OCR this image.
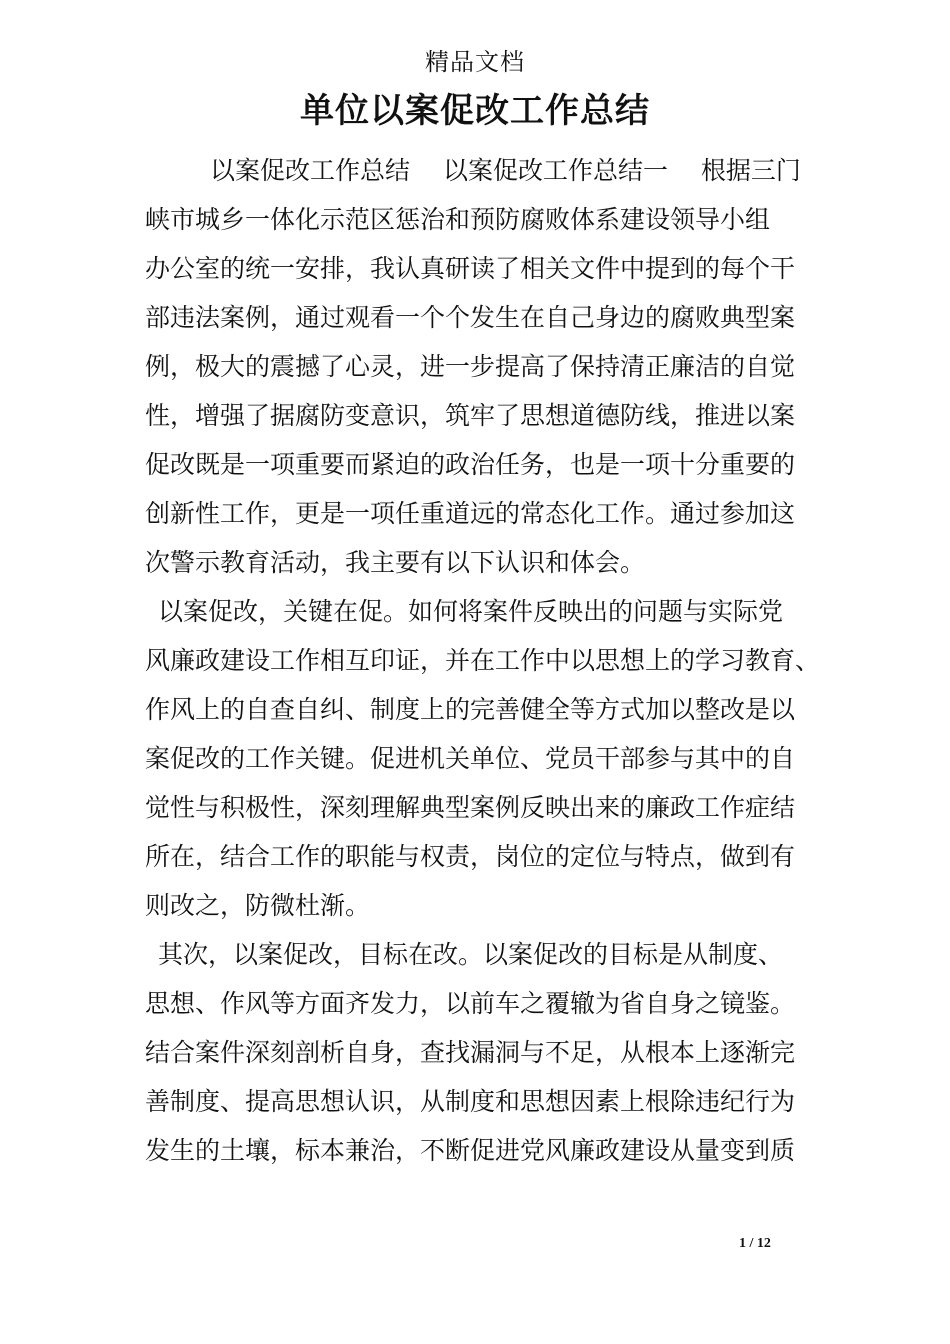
精品文档
单位以案促改工作总结
以案促改工作总结　 以案促改工作总结一　 根据三门
峡市城乡一体化示范区惩治和预防腐败体系建设领导小组
办公室的统一安排，我认真研读了相关文件中提到的每个干
部违法案例，通过观看一个个发生在自己身边的腐败典型案
例，极大的震撼了心灵，进一步提高了保持清正廉洁的自觉
性，增强了据腐防变意识，筑牢了思想道德防线，推进以案
促改既是一项重要而紧迫的政治任务，也是一项十分重要的
创新性工作，更是一项任重道远的常态化工作。通过参加这
次警示教育活动，我主要有以下认识和体会。
以案促改，关键在促。如何将案件反映出的问题与实际党
风廉政建设工作相互印证，并在工作中以思想上的学习教育、
作风上的自查自纠、制度上的完善健全等方式加以整改是以
案促改的工作关键。促进机关单位、党员干部参与其中的自
觉性与积极性，深刻理解典型案例反映出来的廉政工作症结
所在，结合工作的职能与权责，岗位的定位与特点，做到有
则改之，防微杜渐。
其次，以案促改，目标在改。以案促改的目标是从制度、
思想、作风等方面齐发力，以前车之覆辙为省自身之镜鉴。
结合案件深刻剖析自身，查找漏洞与不足，从根本上逐渐完
善制度、提高思想认识，从制度和思想因素上根除违纪行为
发生的土壤，标本兼治，不断促进党风廉政建设从量变到质
1 / 12
